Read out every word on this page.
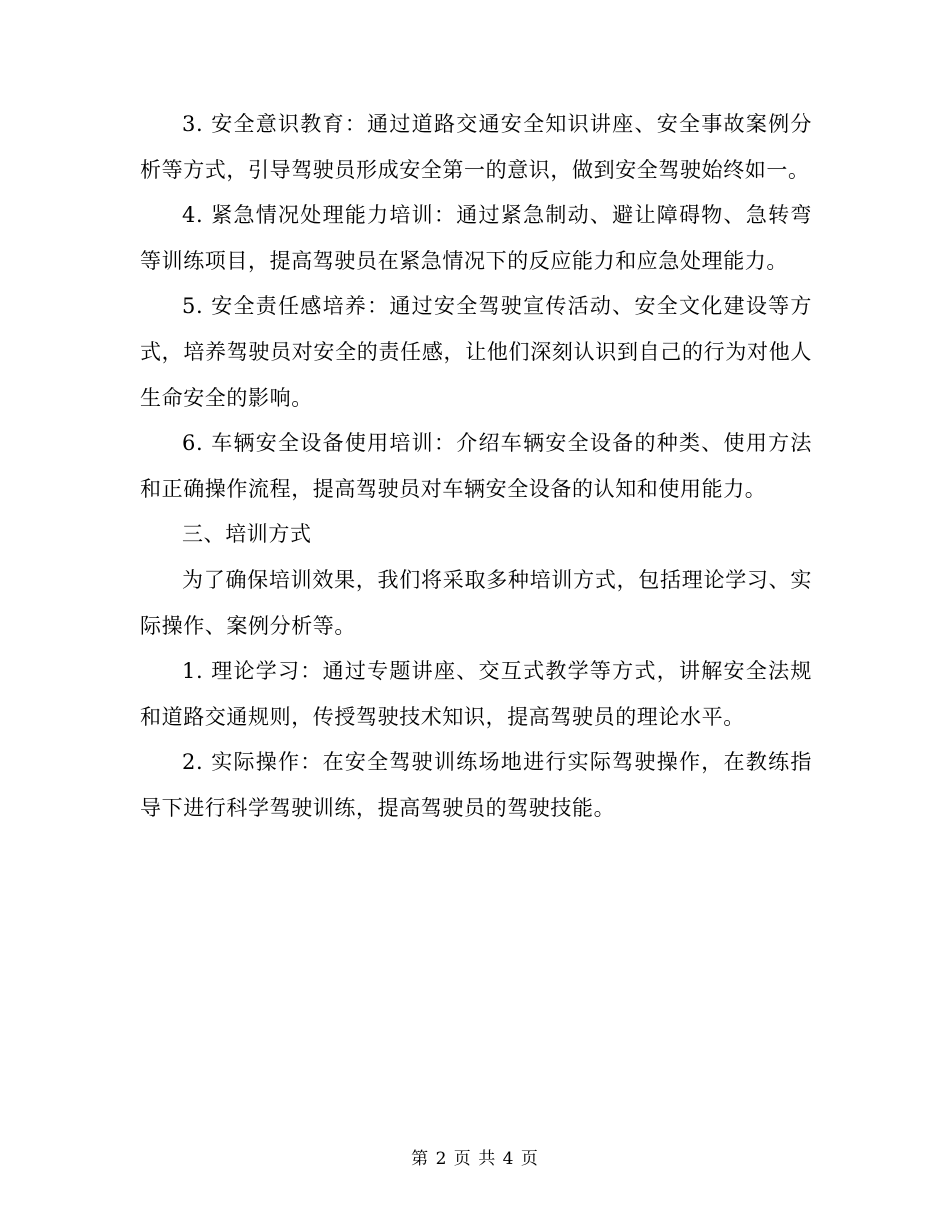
3. 安全意识教育：通过道路交通安全知识讲座、安全事故案例分析等方式，引导驾驶员形成安全第一的意识，做到安全驾驶始终如一。

4. 紧急情况处理能力培训：通过紧急制动、避让障碍物、急转弯等训练项目，提高驾驶员在紧急情况下的反应能力和应急处理能力。

5. 安全责任感培养：通过安全驾驶宣传活动、安全文化建设等方式，培养驾驶员对安全的责任感，让他们深刻认识到自己的行为对他人生命安全的影响。

6. 车辆安全设备使用培训：介绍车辆安全设备的种类、使用方法和正确操作流程，提高驾驶员对车辆安全设备的认知和使用能力。

三、培训方式

为了确保培训效果，我们将采取多种培训方式，包括理论学习、实际操作、案例分析等。

1. 理论学习：通过专题讲座、交互式教学等方式，讲解安全法规和道路交通规则，传授驾驶技术知识，提高驾驶员的理论水平。

2. 实际操作：在安全驾驶训练场地进行实际驾驶操作，在教练指导下进行科学驾驶训练，提高驾驶员的驾驶技能。

第 2 页 共 4 页
